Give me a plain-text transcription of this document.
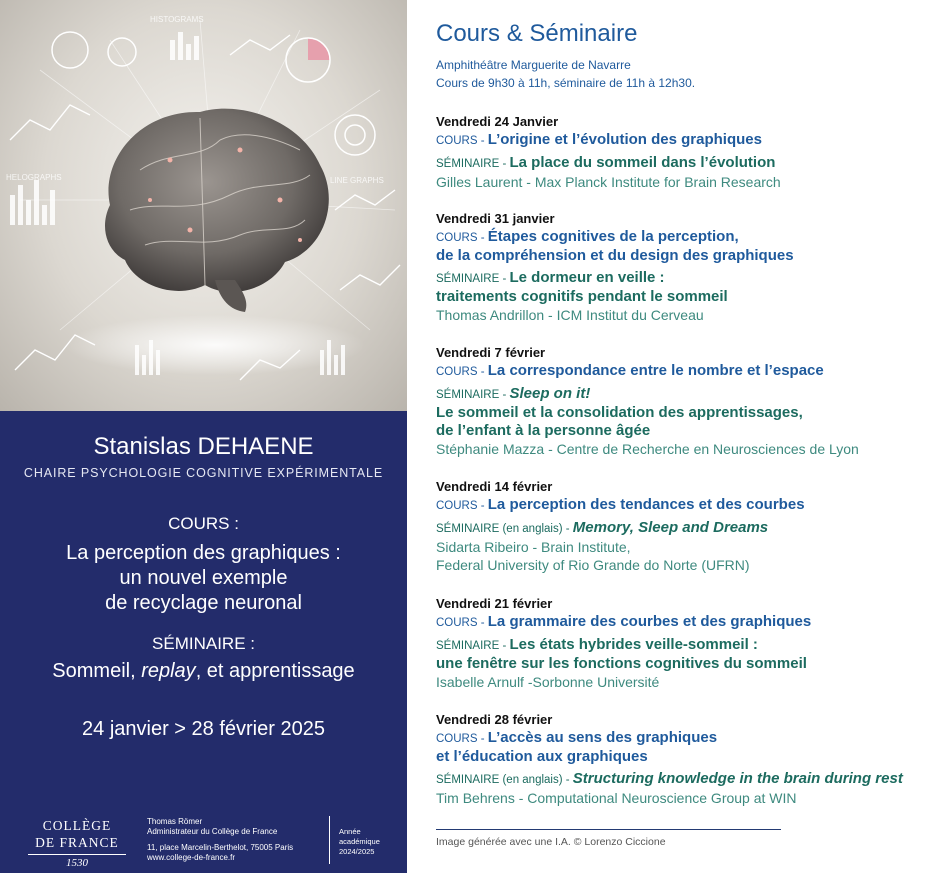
HISTOGRAMS
HELOGRAPHS	LINE GRAPHS
Stanislas DEHAENE
CHAIRE PSYCHOLOGIE COGNITIVE EXPÉRIMENTALE
COURS :
La perception des graphiques :
un nouvel exemple
de recyclage neuronal
SÉMINAIRE :
Sommeil, replay, et apprentissage
24 janvier > 28 février 2025
COLLÈGE
DE FRANCE
1530
Thomas Römer
Administrateur du Collège de France
11, place Marcelin-Berthelot, 75005 Paris
www.college-de-france.fr
Année
académique
2024/2025
Cours & Séminaire
Amphithéâtre Marguerite de Navarre
Cours de 9h30 à 11h, séminaire de 11h à 12h30.
Vendredi 24 Janvier
COURS - L’origine et l’évolution des graphiques
SÉMINAIRE - La place du sommeil dans l’évolution
Gilles Laurent - Max Planck Institute for Brain Research
Vendredi 31 janvier
COURS - Étapes cognitives de la perception,
de la compréhension et du design des graphiques
SÉMINAIRE - Le dormeur en veille :
traitements cognitifs pendant le sommeil
Thomas Andrillon - ICM Institut du Cerveau
Vendredi 7 février
COURS - La correspondance entre le nombre et l’espace
SÉMINAIRE - Sleep on it!
Le sommeil et la consolidation des apprentissages,
de l’enfant à la personne âgée
Stéphanie Mazza - Centre de Recherche en Neurosciences de Lyon
Vendredi 14 février
COURS - La perception des tendances et des courbes
SÉMINAIRE (en anglais) - Memory, Sleep and Dreams
Sidarta Ribeiro - Brain Institute,
Federal University of Rio Grande do Norte (UFRN)
Vendredi 21 février
COURS - La grammaire des courbes et des graphiques
SÉMINAIRE - Les états hybrides veille-sommeil :
une fenêtre sur les fonctions cognitives du sommeil
Isabelle Arnulf -Sorbonne Université
Vendredi 28 février
COURS - L’accès au sens des graphiques
et l’éducation aux graphiques
SÉMINAIRE (en anglais) - Structuring knowledge in the brain during rest
Tim Behrens - Computational Neuroscience Group at WIN
Image générée avec une I.A. © Lorenzo Ciccione
